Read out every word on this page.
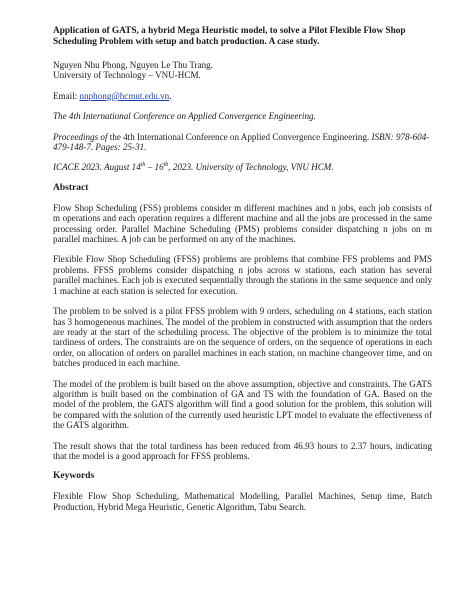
Application of GATS, a hybrid Mega Heuristic model, to solve a Pilot Flexible Flow Shop Scheduling Problem with setup and batch production. A case study.

Nguyen Nhu Phong, Nguyen Le Thu Trang.

University of Technology – VNU-HCM.

Email: nnphong@hcmut.edu.vn.

The 4th International Conference on Applied Convergence Engineering.

Proceedings of the 4th International Conference on Applied Convergence Engineering. ISBN: 978-604-479-148-7. Pages: 25-31.

ICACE 2023. August 14th – 16th, 2023. University of Technology, VNU HCM.

Abstract

Flow Shop Scheduling (FSS) problems consider m different machines and n jobs, each job consists of m operations and each operation requires a different machine and all the jobs are processed in the same processing order. Parallel Machine Scheduling (PMS) problems consider dispatching n jobs on m parallel machines. A job can be performed on any of the machines.

Flexible Flow Shop Scheduling (FFSS) problems are problems that combine FFS problems and PMS problems. FFSS problems consider dispatching n jobs across w stations, each station has several parallel machines. Each job is executed sequentially through the stations in the same sequence and only 1 machine at each station is selected for execution.

The problem to be solved is a pilot FFSS problem with 9 orders, scheduling on 4 stations, each station has 3 homogeneous machines. The model of the problem in constructed with assumption that the orders are ready at the start of the scheduling process. The objective of the problem is to minimize the total tardiness of orders. The constraints are on the sequence of orders, on the sequence of operations in each order, on allocation of orders on parallel machines in each station, on machine changeover time, and on batches produced in each machine.

The model of the problem is built based on the above assumption, objective and constraints. The GATS algorithm is built based on the combination of GA and TS with the foundation of GA. Based on the model of the problem, the GATS algorithm will find a good solution for the problem, this solution will be compared with the solution of the currently used heuristic LPT model to evaluate the effectiveness of the GATS algorithm.

The result shows that the total tardiness has been reduced from 46.93 hours to 2.37 hours, indicating that the model is a good approach for FFSS problems.

Keywords

Flexible Flow Shop Scheduling, Mathematical Modelling, Parallel Machines, Setup time, Batch Production, Hybrid Mega Heuristic, Genetic Algorithm, Tabu Search.
